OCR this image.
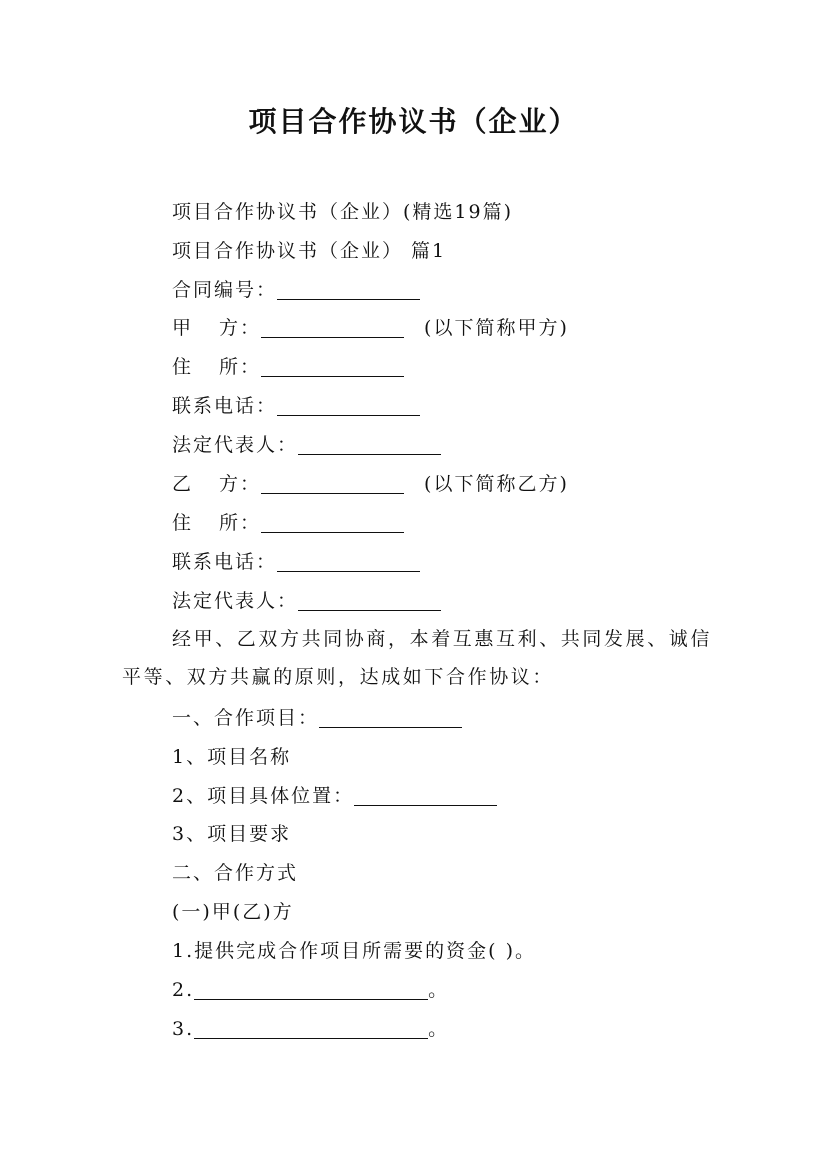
项目合作协议书（企业）
项目合作协议书（企业）(精选19篇)
项目合作协议书（企业） 篇1
合同编号：
甲 方：	(以下简称甲方)
住 所：
联系电话：
法定代表人：
乙 方：	(以下简称乙方)
住 所：
联系电话：
法定代表人：
经甲、乙双方共同协商，本着互惠互利、共同发展、诚信平等、双方共赢的原则，达成如下合作协议：
一、合作项目：
1、项目名称
2、项目具体位置：
3、项目要求
二、合作方式
(一)甲(乙)方
1.提供完成合作项目所需要的资金( )。
2.	。
3.	。
